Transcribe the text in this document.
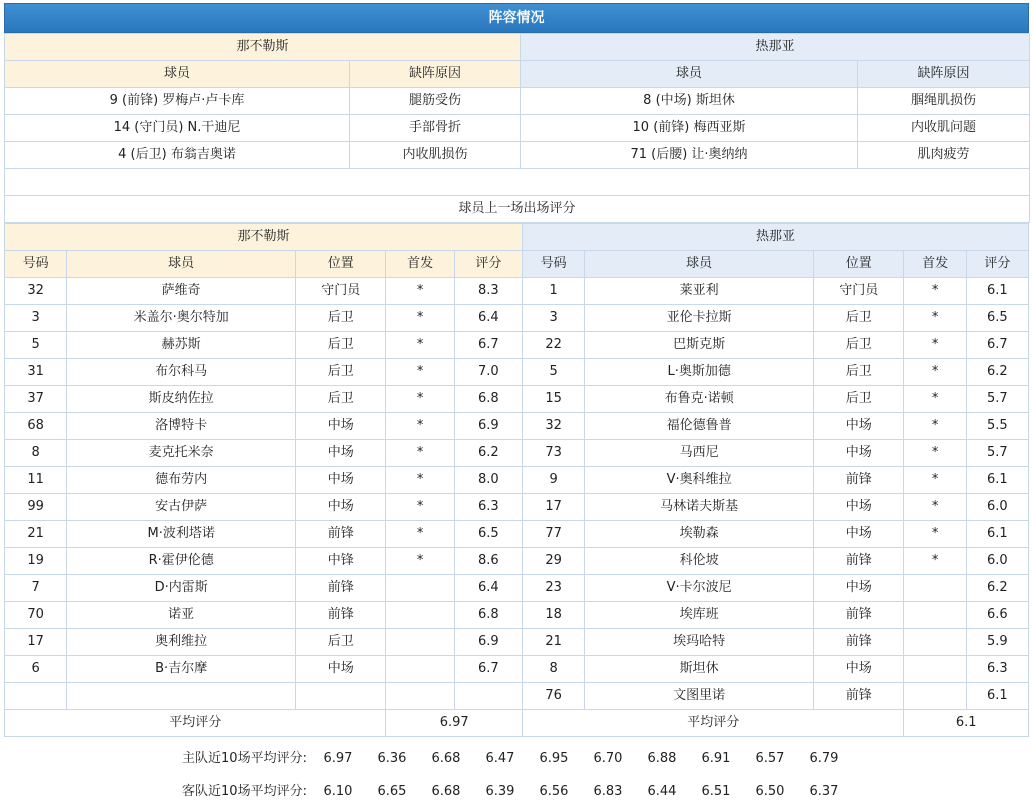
阵容情况
那不勒斯		热那亚	
球员	缺阵原因	球员	缺阵原因
9 (前锋) 罗梅卢·卢卡库	腿筋受伤	8 (中场) 斯坦休	腘绳肌损伤
14 (守门员) N.干迪尼	手部骨折	10 (前锋) 梅西亚斯	内收肌问题
4 (后卫) 布翁吉奥诺	内收肌损伤	71 (后腰) 让·奥纳纳	肌肉疲劳

球员上一场出场评分			
那不勒斯					热那亚				
号码	球员	位置	首发	评分	号码	球员	位置	首发	评分
32	萨维奇	守门员	*	8.3	1	莱亚利	守门员	*	6.1
3	米盖尔·奥尔特加	后卫	*	6.4	3	亚伦卡拉斯	后卫	*	6.5
5	赫苏斯	后卫	*	6.7	22	巴斯克斯	后卫	*	6.7
31	布尔科马	后卫	*	7.0	5	L·奥斯加德	后卫	*	6.2
37	斯皮纳佐拉	后卫	*	6.8	15	布鲁克·诺顿	后卫	*	5.7
68	洛博特卡	中场	*	6.9	32	福伦德鲁普	中场	*	5.5
8	麦克托米奈	中场	*	6.2	73	马西尼	中场	*	5.7
11	德布劳内	中场	*	8.0	9	V·奥科维拉	前锋	*	6.1
99	安古伊萨	中场	*	6.3	17	马林诺夫斯基	中场	*	6.0
21	M·波利塔诺	前锋	*	6.5	77	埃勒森	中场	*	6.1
19	R·霍伊伦德	中锋	*	8.6	29	科伦坡	前锋	*	6.0
7	D·内雷斯	前锋		6.4	23	V·卡尔波尼	中场		6.2
70	诺亚	前锋		6.8	18	埃库班	前锋		6.6
17	奥利维拉	后卫		6.9	21	埃玛哈特	前锋		5.9
6	B·吉尔摩	中场		6.7	8	斯坦休	中场		6.3
					76	文图里诺	前锋		6.1
平均评分			6.97		平均评分			6.1	
主队近10场平均评分: 6.97 6.36 6.68 6.47 6.95 6.70 6.88 6.91 6.57 6.79
客队近10场平均评分: 6.10 6.65 6.68 6.39 6.56 6.83 6.44 6.51 6.50 6.37
